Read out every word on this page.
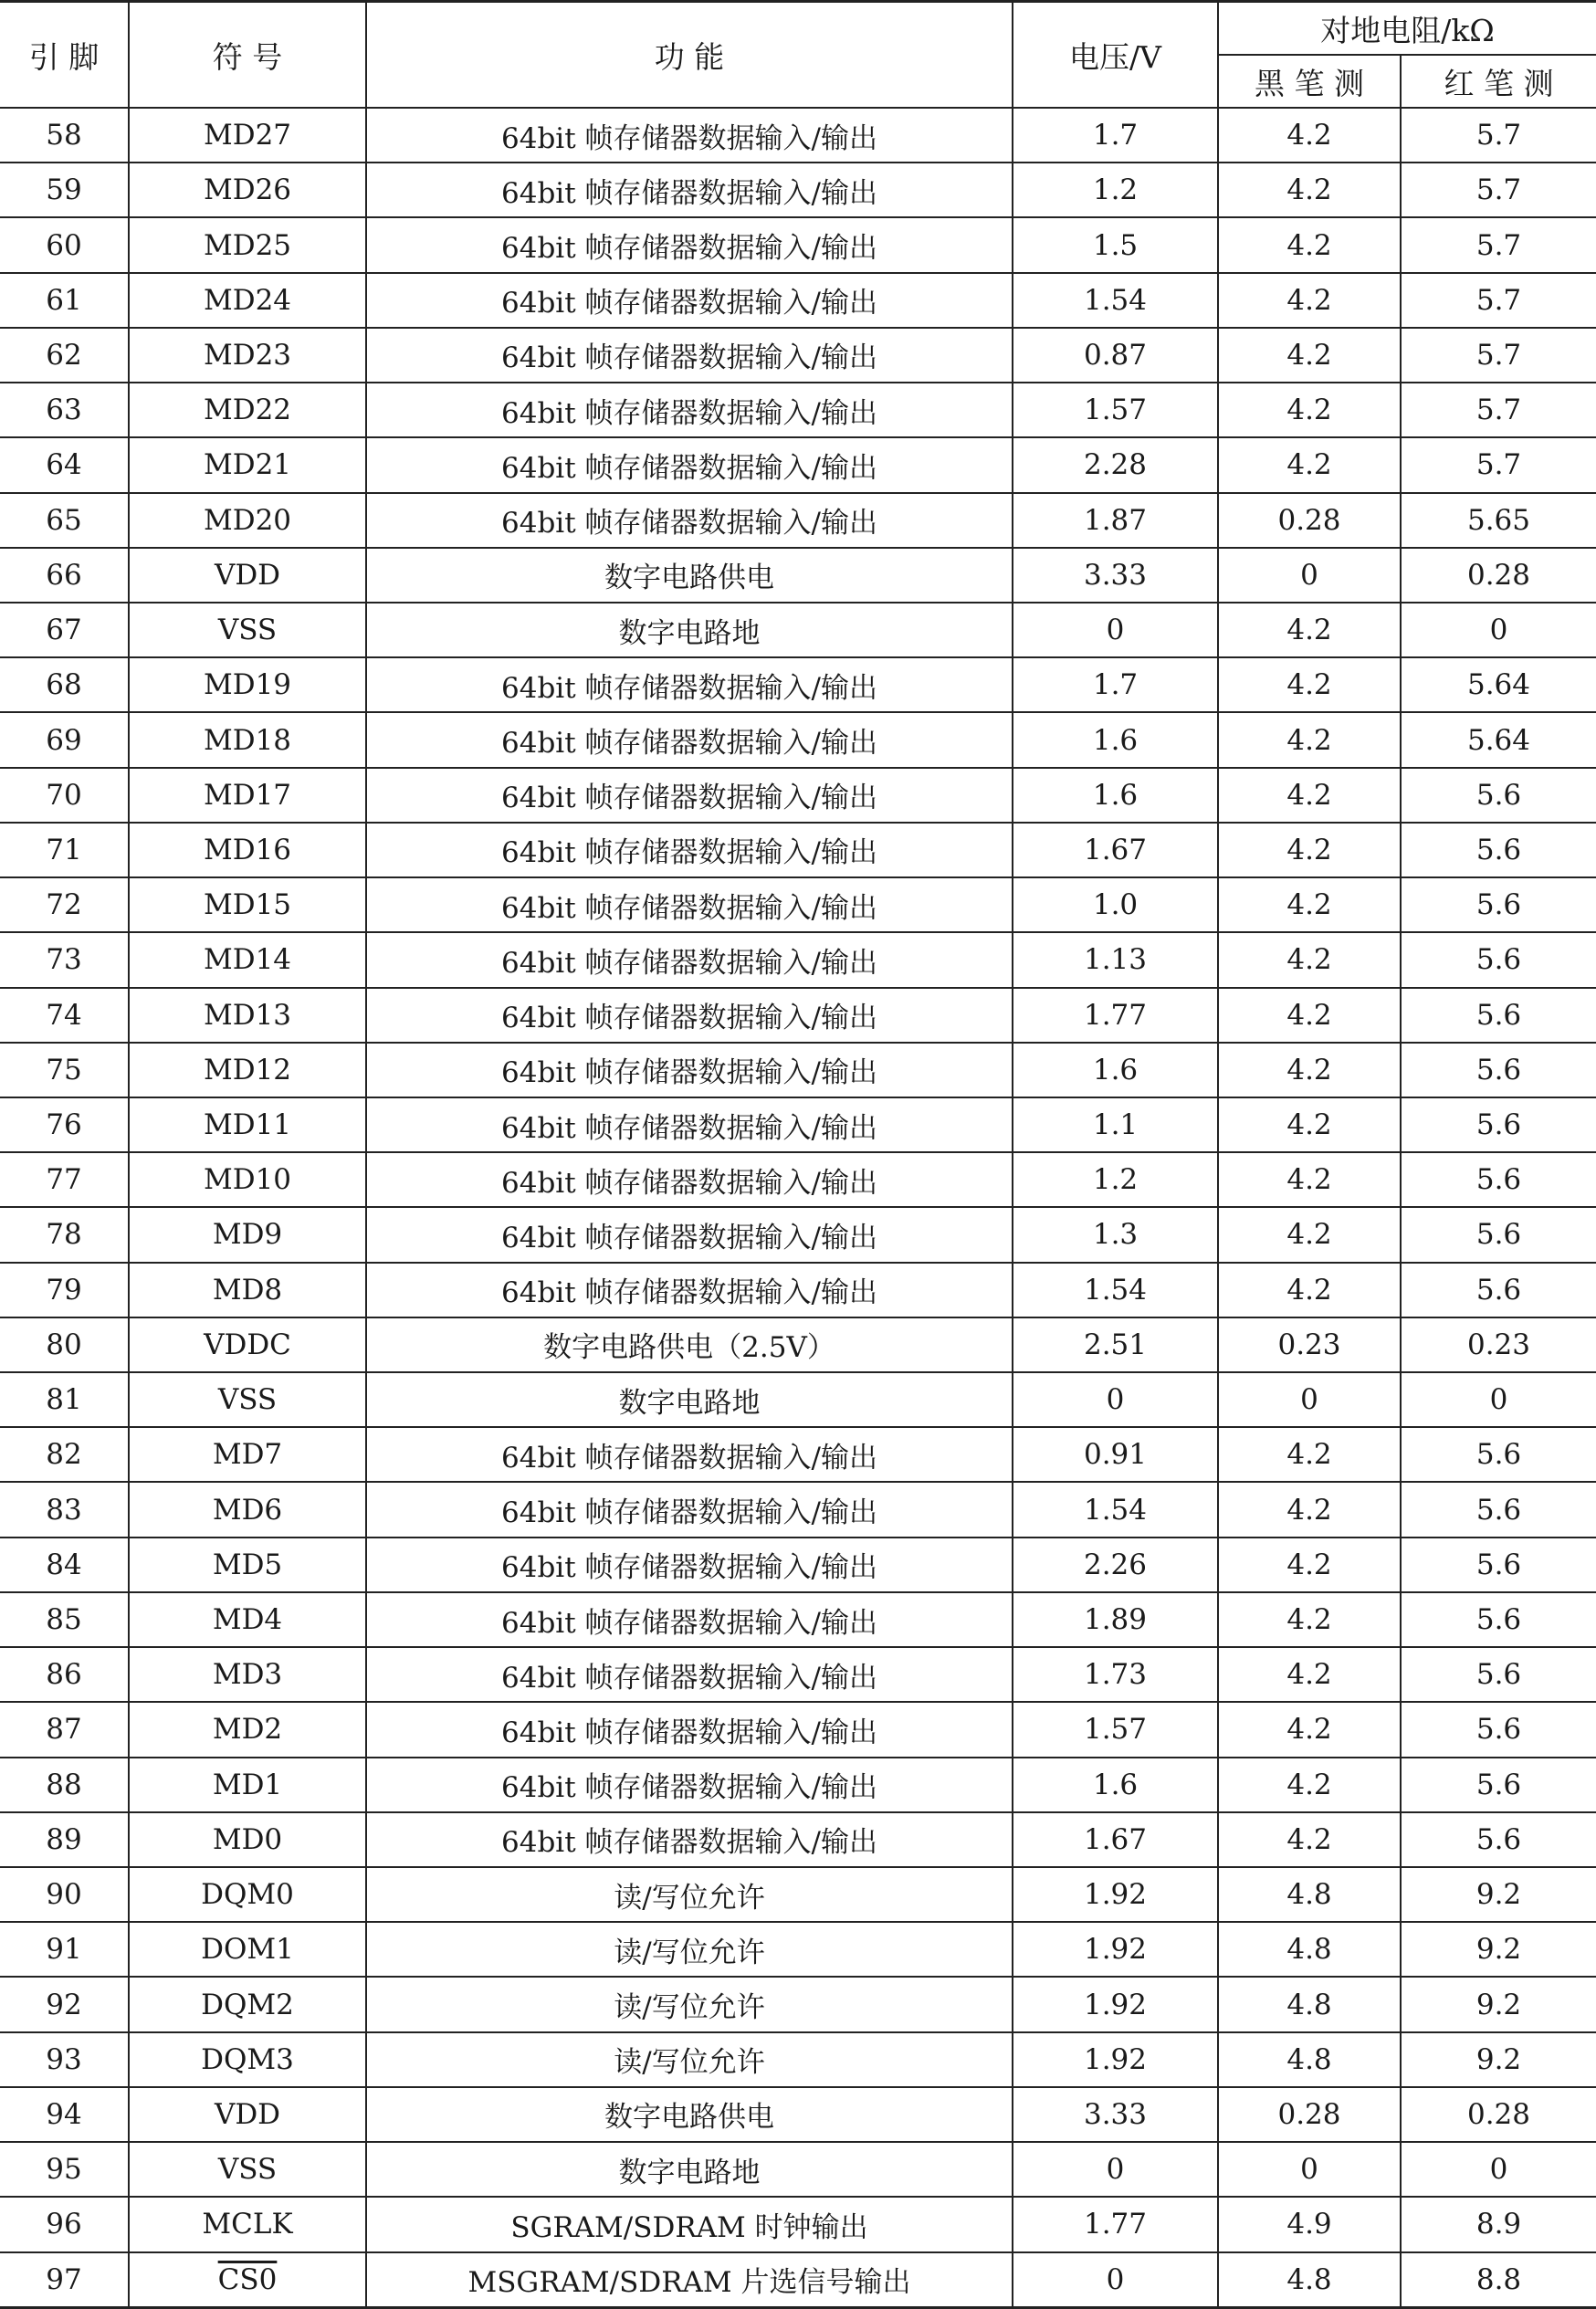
引 脚	符 号	功 能	电压/V	对地电阻/kΩ	
				黑 笔 测	红 笔 测
58	MD27	64bit 帧存储器数据输入/输出	1.7	4.2	5.7
59	MD26	64bit 帧存储器数据输入/输出	1.2	4.2	5.7
60	MD25	64bit 帧存储器数据输入/输出	1.5	4.2	5.7
61	MD24	64bit 帧存储器数据输入/输出	1.54	4.2	5.7
62	MD23	64bit 帧存储器数据输入/输出	0.87	4.2	5.7
63	MD22	64bit 帧存储器数据输入/输出	1.57	4.2	5.7
64	MD21	64bit 帧存储器数据输入/输出	2.28	4.2	5.7
65	MD20	64bit 帧存储器数据输入/输出	1.87	0.28	5.65
66	VDD	数字电路供电	3.33	0	0.28
67	VSS	数字电路地	0	4.2	0
68	MD19	64bit 帧存储器数据输入/输出	1.7	4.2	5.64
69	MD18	64bit 帧存储器数据输入/输出	1.6	4.2	5.64
70	MD17	64bit 帧存储器数据输入/输出	1.6	4.2	5.6
71	MD16	64bit 帧存储器数据输入/输出	1.67	4.2	5.6
72	MD15	64bit 帧存储器数据输入/输出	1.0	4.2	5.6
73	MD14	64bit 帧存储器数据输入/输出	1.13	4.2	5.6
74	MD13	64bit 帧存储器数据输入/输出	1.77	4.2	5.6
75	MD12	64bit 帧存储器数据输入/输出	1.6	4.2	5.6
76	MD11	64bit 帧存储器数据输入/输出	1.1	4.2	5.6
77	MD10	64bit 帧存储器数据输入/输出	1.2	4.2	5.6
78	MD9	64bit 帧存储器数据输入/输出	1.3	4.2	5.6
79	MD8	64bit 帧存储器数据输入/输出	1.54	4.2	5.6
80	VDDC	数字电路供电（2.5V）	2.51	0.23	0.23
81	VSS	数字电路地	0	0	0
82	MD7	64bit 帧存储器数据输入/输出	0.91	4.2	5.6
83	MD6	64bit 帧存储器数据输入/输出	1.54	4.2	5.6
84	MD5	64bit 帧存储器数据输入/输出	2.26	4.2	5.6
85	MD4	64bit 帧存储器数据输入/输出	1.89	4.2	5.6
86	MD3	64bit 帧存储器数据输入/输出	1.73	4.2	5.6
87	MD2	64bit 帧存储器数据输入/输出	1.57	4.2	5.6
88	MD1	64bit 帧存储器数据输入/输出	1.6	4.2	5.6
89	MD0	64bit 帧存储器数据输入/输出	1.67	4.2	5.6
90	DQM0	读/写位允许	1.92	4.8	9.2
91	DOM1	读/写位允许	1.92	4.8	9.2
92	DQM2	读/写位允许	1.92	4.8	9.2
93	DQM3	读/写位允许	1.92	4.8	9.2
94	VDD	数字电路供电	3.33	0.28	0.28
95	VSS	数字电路地	0	0	0
96	MCLK	SGRAM/SDRAM 时钟输出	1.77	4.9	8.9
97	CS0	MSGRAM/SDRAM 片选信号输出	0	4.8	8.8
